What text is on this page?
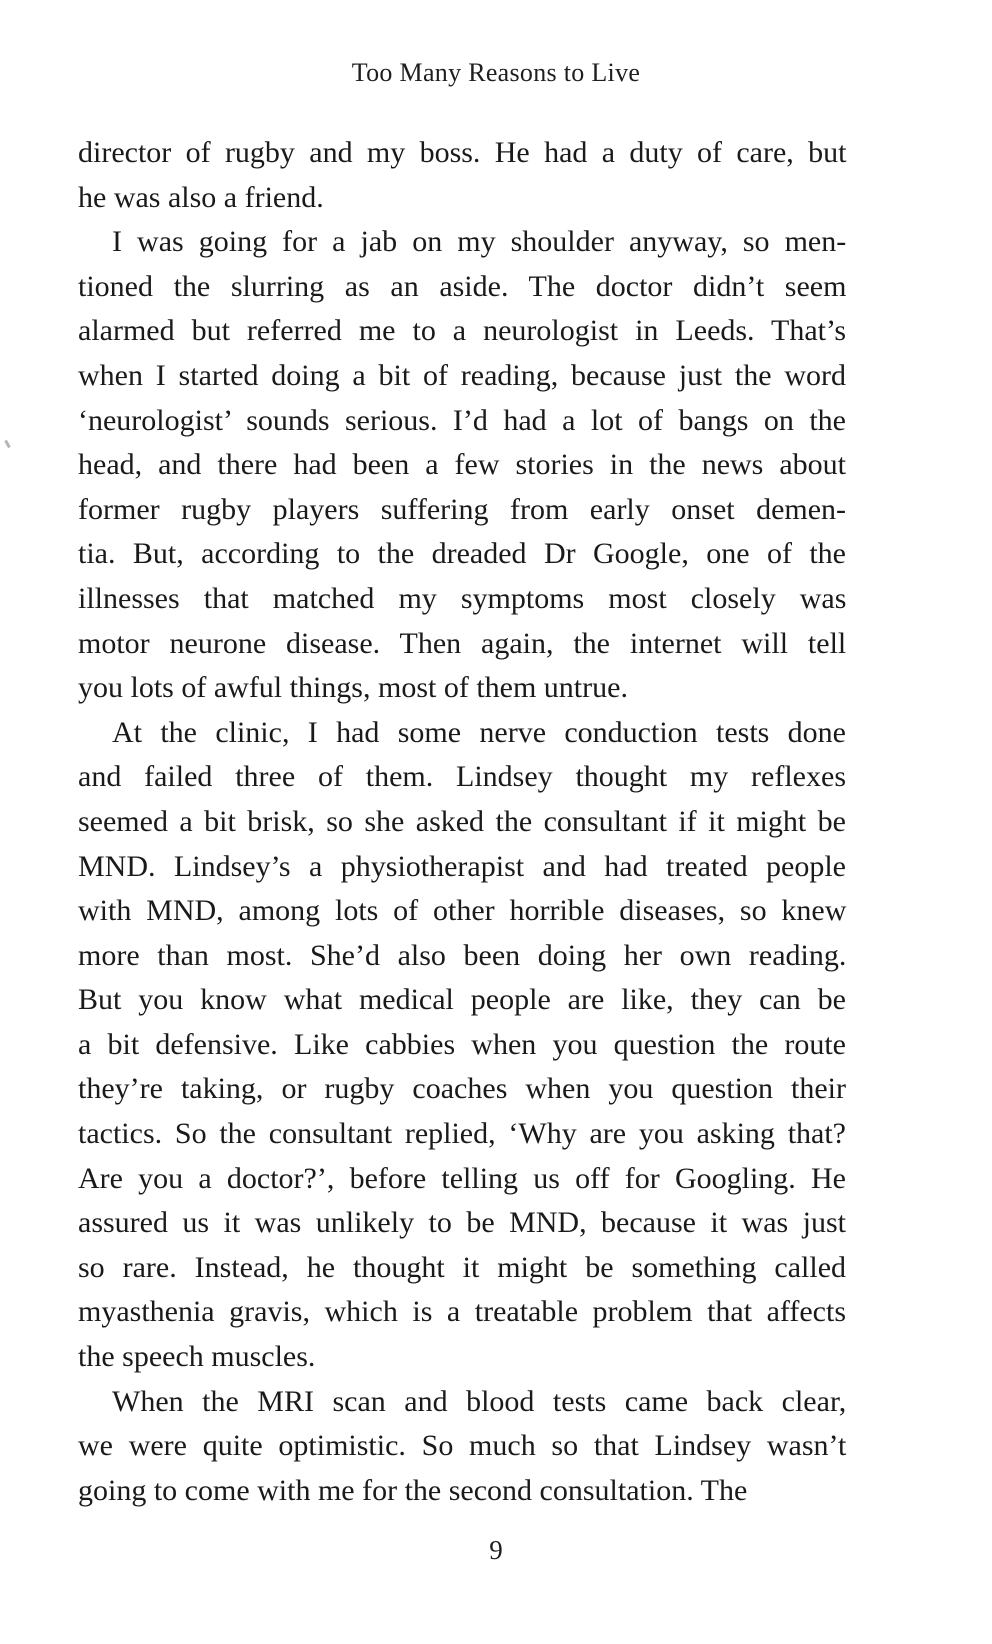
Too Many Reasons to Live
director of rugby and my boss. He had a duty of care, but
he was also a friend.
I was going for a jab on my shoulder anyway, so men-
tioned the slurring as an aside. The doctor didn’t seem
alarmed but referred me to a neurologist in Leeds. That’s
when I started doing a bit of reading, because just the word
‘neurologist’ sounds serious. I’d had a lot of bangs on the
head, and there had been a few stories in the news about
former rugby players suffering from early onset demen-
tia. But, according to the dreaded Dr Google, one of the
illnesses that matched my symptoms most closely was
motor neurone disease. Then again, the internet will tell
you lots of awful things, most of them untrue.
At the clinic, I had some nerve conduction tests done
and failed three of them. Lindsey thought my reflexes
seemed a bit brisk, so she asked the consultant if it might be
MND. Lindsey’s a physiotherapist and had treated people
with MND, among lots of other horrible diseases, so knew
more than most. She’d also been doing her own reading.
But you know what medical people are like, they can be
a bit defensive. Like cabbies when you question the route
they’re taking, or rugby coaches when you question their
tactics. So the consultant replied, ‘Why are you asking that?
Are you a doctor?’, before telling us off for Googling. He
assured us it was unlikely to be MND, because it was just
so rare. Instead, he thought it might be something called
myasthenia gravis, which is a treatable problem that affects
the speech muscles.
When the MRI scan and blood tests came back clear,
we were quite optimistic. So much so that Lindsey wasn’t
going to come with me for the second consultation. The
9
